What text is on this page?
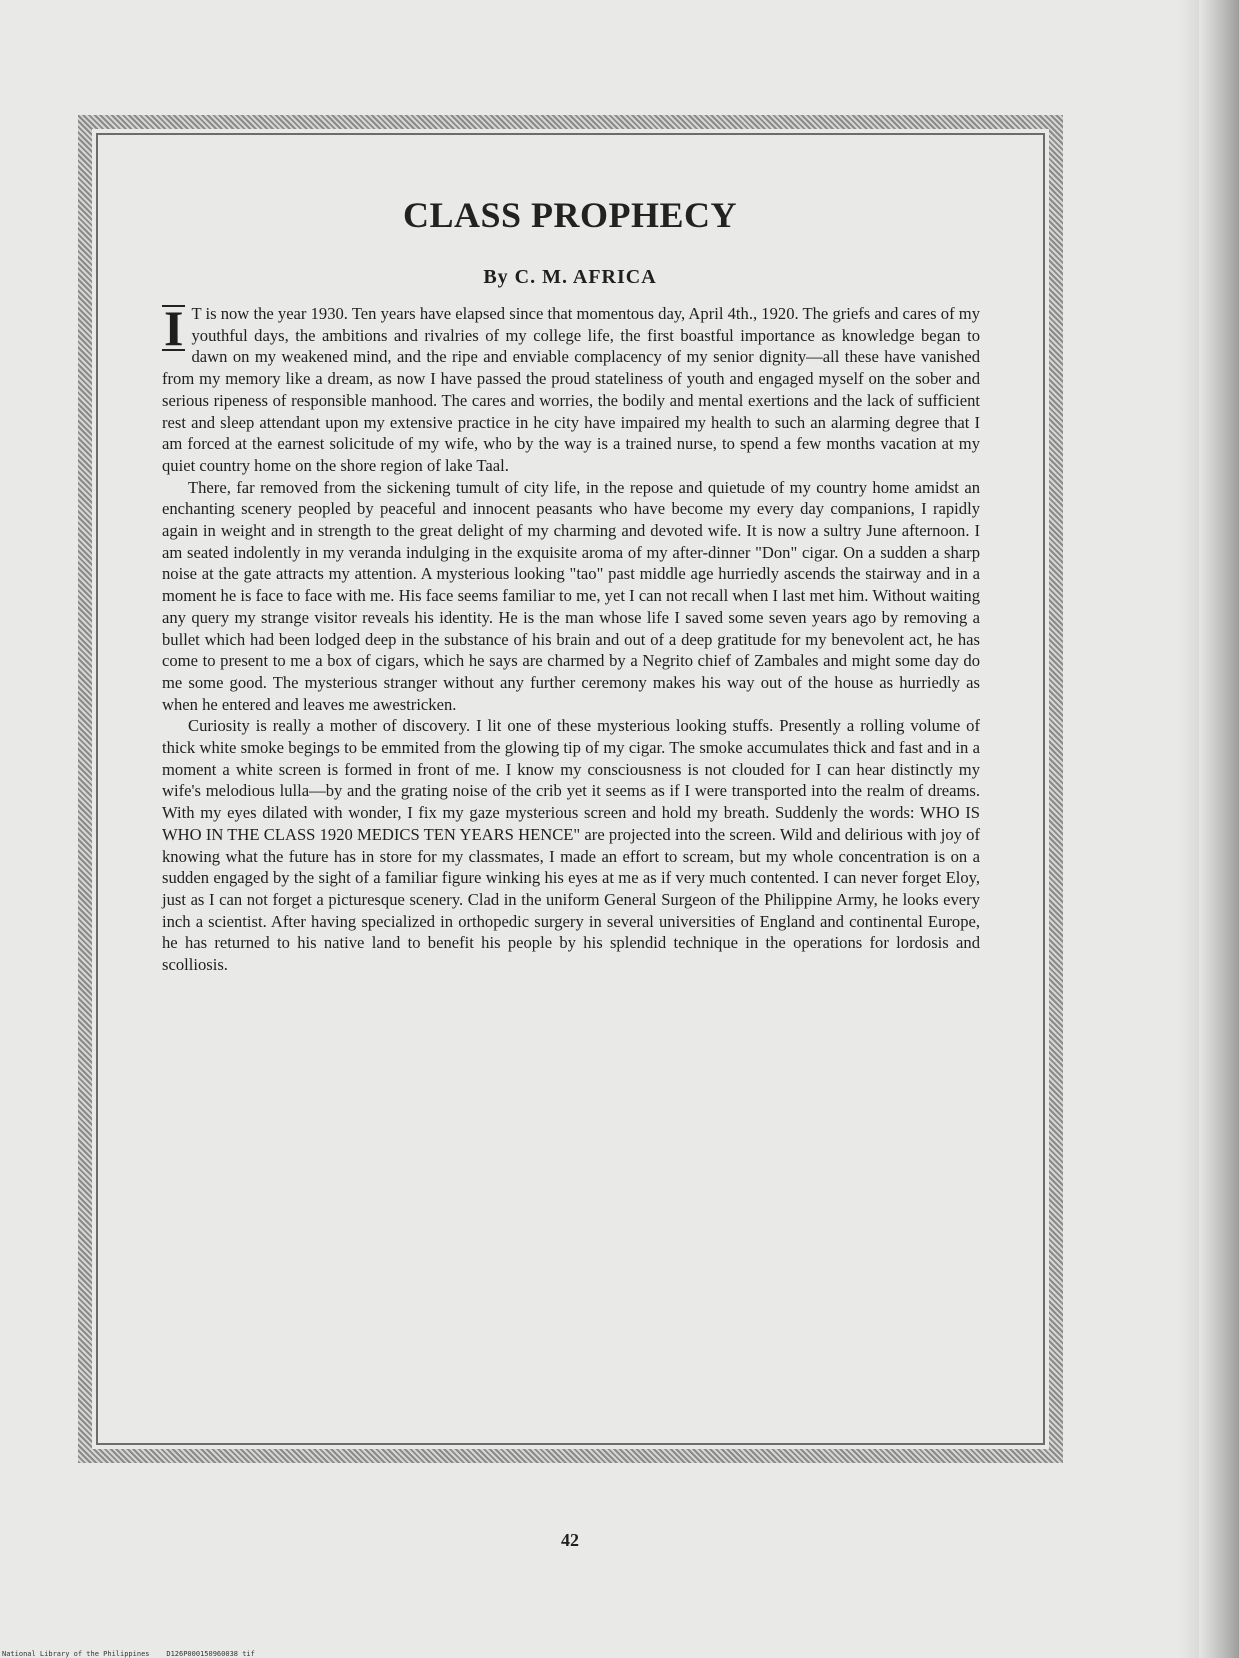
CLASS PROPHECY
By C. M. AFRICA

I T is now the year 1930. Ten years have elapsed since that momentous day, April 4th., 1920. The griefs and cares of my youthful days, the ambitions and rivalries of my college life, the first boastful importance as knowledge began to dawn on my weakened mind, and the ripe and enviable complacency of my senior dignity—all these have vanished from my memory like a dream, as now I have passed the proud stateliness of youth and engaged myself on the sober and serious ripeness of responsible manhood. The cares and worries, the bodily and mental exertions and the lack of sufficient rest and sleep attendant upon my extensive practice in he city have impaired my health to such an alarming degree that I am forced at the earnest solicitude of my wife, who by the way is a trained nurse, to spend a few months vacation at my quiet country home on the shore region of lake Taal.

There, far removed from the sickening tumult of city life, in the repose and quietude of my country home amidst an enchanting scenery peopled by peaceful and innocent peasants who have become my every day companions, I rapidly again in weight and in strength to the great delight of my charming and devoted wife. It is now a sultry June afternoon. I am seated indolently in my veranda indulging in the exquisite aroma of my after-dinner "Don" cigar. On a sudden a sharp noise at the gate attracts my attention. A mysterious looking "tao" past middle age hurriedly ascends the stairway and in a moment he is face to face with me. His face seems familiar to me, yet I can not recall when I last met him. Without waiting any query my strange visitor reveals his identity. He is the man whose life I saved some seven years ago by removing a bullet which had been lodged deep in the substance of his brain and out of a deep gratitude for my benevolent act, he has come to present to me a box of cigars, which he says are charmed by a Negrito chief of Zambales and might some day do me some good. The mysterious stranger without any further ceremony makes his way out of the house as hurriedly as when he entered and leaves me awestricken.

Curiosity is really a mother of discovery. I lit one of these mysterious looking stuffs. Presently a rolling volume of thick white smoke begings to be emmited from the glowing tip of my cigar. The smoke accumulates thick and fast and in a moment a white screen is formed in front of me. I know my consciousness is not clouded for I can hear distinctly my wife's melodious lulla—by and the grating noise of the crib yet it seems as if I were transported into the realm of dreams. With my eyes dilated with wonder, I fix my gaze mysterious screen and hold my breath. Suddenly the words: WHO IS WHO IN THE CLASS 1920 MEDICS TEN YEARS HENCE" are projected into the screen. Wild and delirious with joy of knowing what the future has in store for my classmates, I made an effort to scream, but my whole concentration is on a sudden engaged by the sight of a familiar figure winking his eyes at me as if very much contented. I can never forget Eloy, just as I can not forget a picturesque scenery. Clad in the uniform General Surgeon of the Philippine Army, he looks every inch a scientist. After having specialized in orthopedic surgery in several universities of England and continental Europe, he has returned to his native land to benefit his people by his splendid technique in the operations for lordosis and scolliosis.

42
National Library of the Philippines    D126P000150960038 tif
